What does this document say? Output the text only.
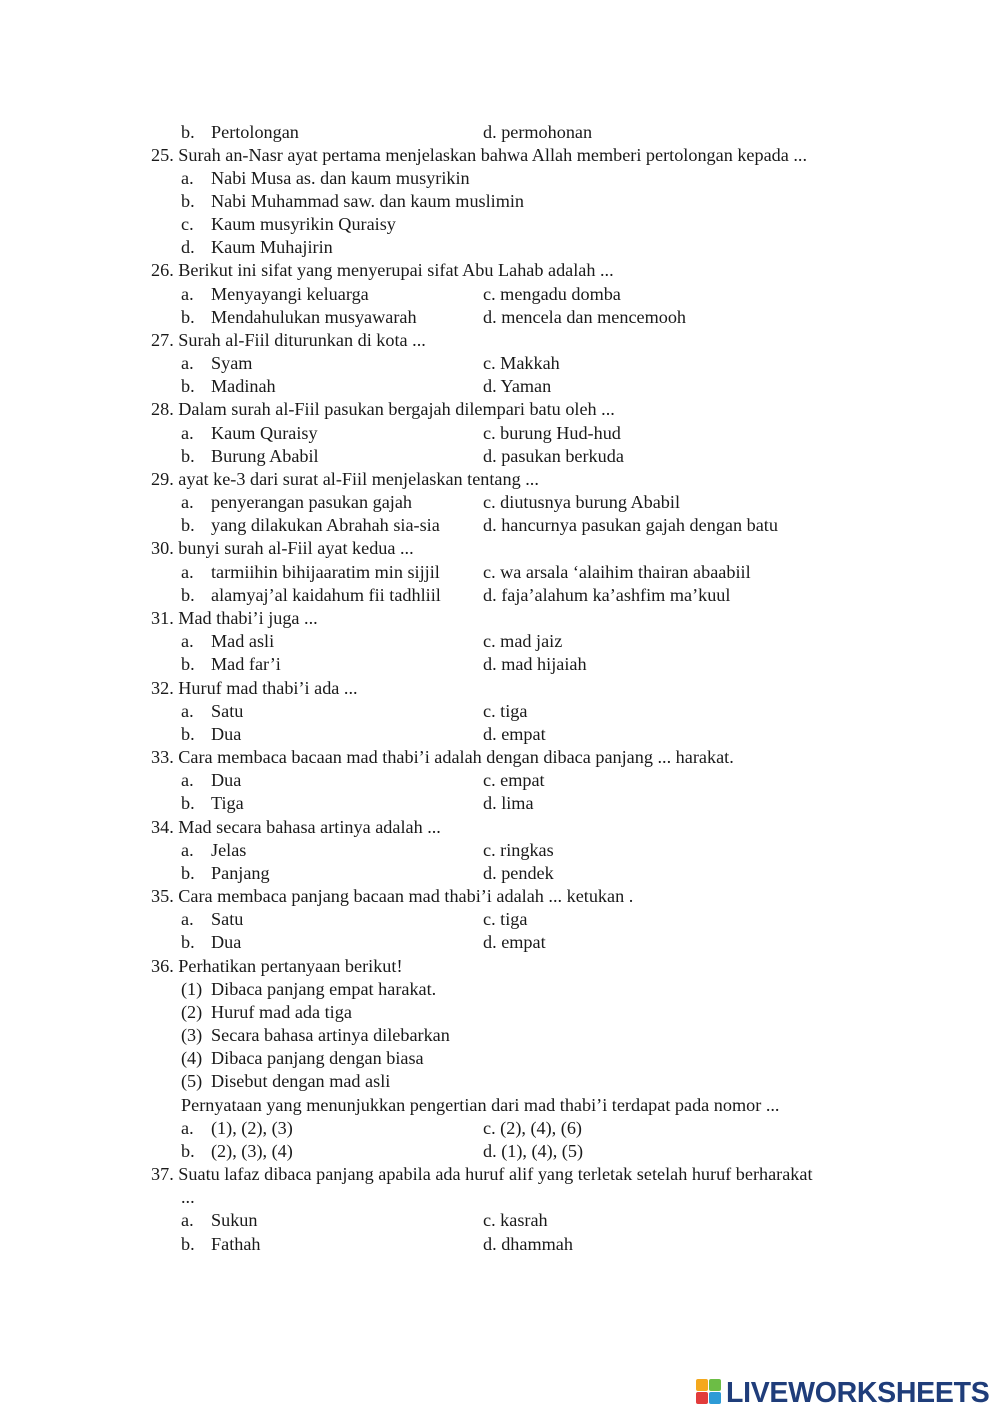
b. Pertolongan	d. permohonan
25. Surah an-Nasr ayat pertama menjelaskan bahwa Allah memberi pertolongan kepada ...
a. Nabi Musa as. dan kaum musyrikin
b. Nabi Muhammad saw. dan kaum muslimin
c. Kaum musyrikin Quraisy
d. Kaum Muhajirin
26. Berikut ini sifat yang menyerupai sifat Abu Lahab adalah ...
a. Menyayangi keluarga	c. mengadu domba
b. Mendahulukan musyawarah	d. mencela dan mencemooh
27. Surah al-Fiil diturunkan di kota ...
a. Syam	c. Makkah
b. Madinah	d. Yaman
28. Dalam surah al-Fiil pasukan bergajah dilempari batu oleh ...
a. Kaum Quraisy	c. burung Hud-hud
b. Burung Ababil	d. pasukan berkuda
29. ayat ke-3 dari surat al-Fiil menjelaskan tentang ...
a. penyerangan pasukan gajah	c. diutusnya burung Ababil
b. yang dilakukan Abrahah sia-sia d. hancurnya pasukan gajah dengan batu
30. bunyi surah al-Fiil ayat kedua ...
a. tarmiihin bihijaaratim min sijjil c. wa arsala ‘alaihim thairan abaabiil
b. alamyaj’al kaidahum fii tadhliil d. faja’alahum ka’ashfim ma’kuul
31. Mad thabi’i juga ...
a. Mad asli	c. mad jaiz
b. Mad far’i	d. mad hijaiah
32. Huruf mad thabi’i ada ...
a. Satu	c. tiga
b. Dua	d. empat
33. Cara membaca bacaan mad thabi’i adalah dengan dibaca panjang ... harakat.
a. Dua	c. empat
b. Tiga	d. lima
34. Mad secara bahasa artinya adalah ...
a. Jelas	c. ringkas
b. Panjang	d. pendek
35. Cara membaca panjang bacaan mad thabi’i adalah ... ketukan .
a. Satu	c. tiga
b. Dua	d. empat
36. Perhatikan pertanyaan berikut!
(1) Dibaca panjang empat harakat.
(2) Huruf mad ada tiga
(3) Secara bahasa artinya dilebarkan
(4) Dibaca panjang dengan biasa
(5) Disebut dengan mad asli
Pernyataan yang menunjukkan pengertian dari mad thabi’i terdapat pada nomor ...
a. (1), (2), (3)	c. (2), (4), (6)
b. (2), (3), (4)	d. (1), (4), (5)
37. Suatu lafaz dibaca panjang apabila ada huruf alif yang terletak setelah huruf berharakat
...
a. Sukun	c. kasrah
b. Fathah	d. dhammah
LIVEWORKSHEETS
